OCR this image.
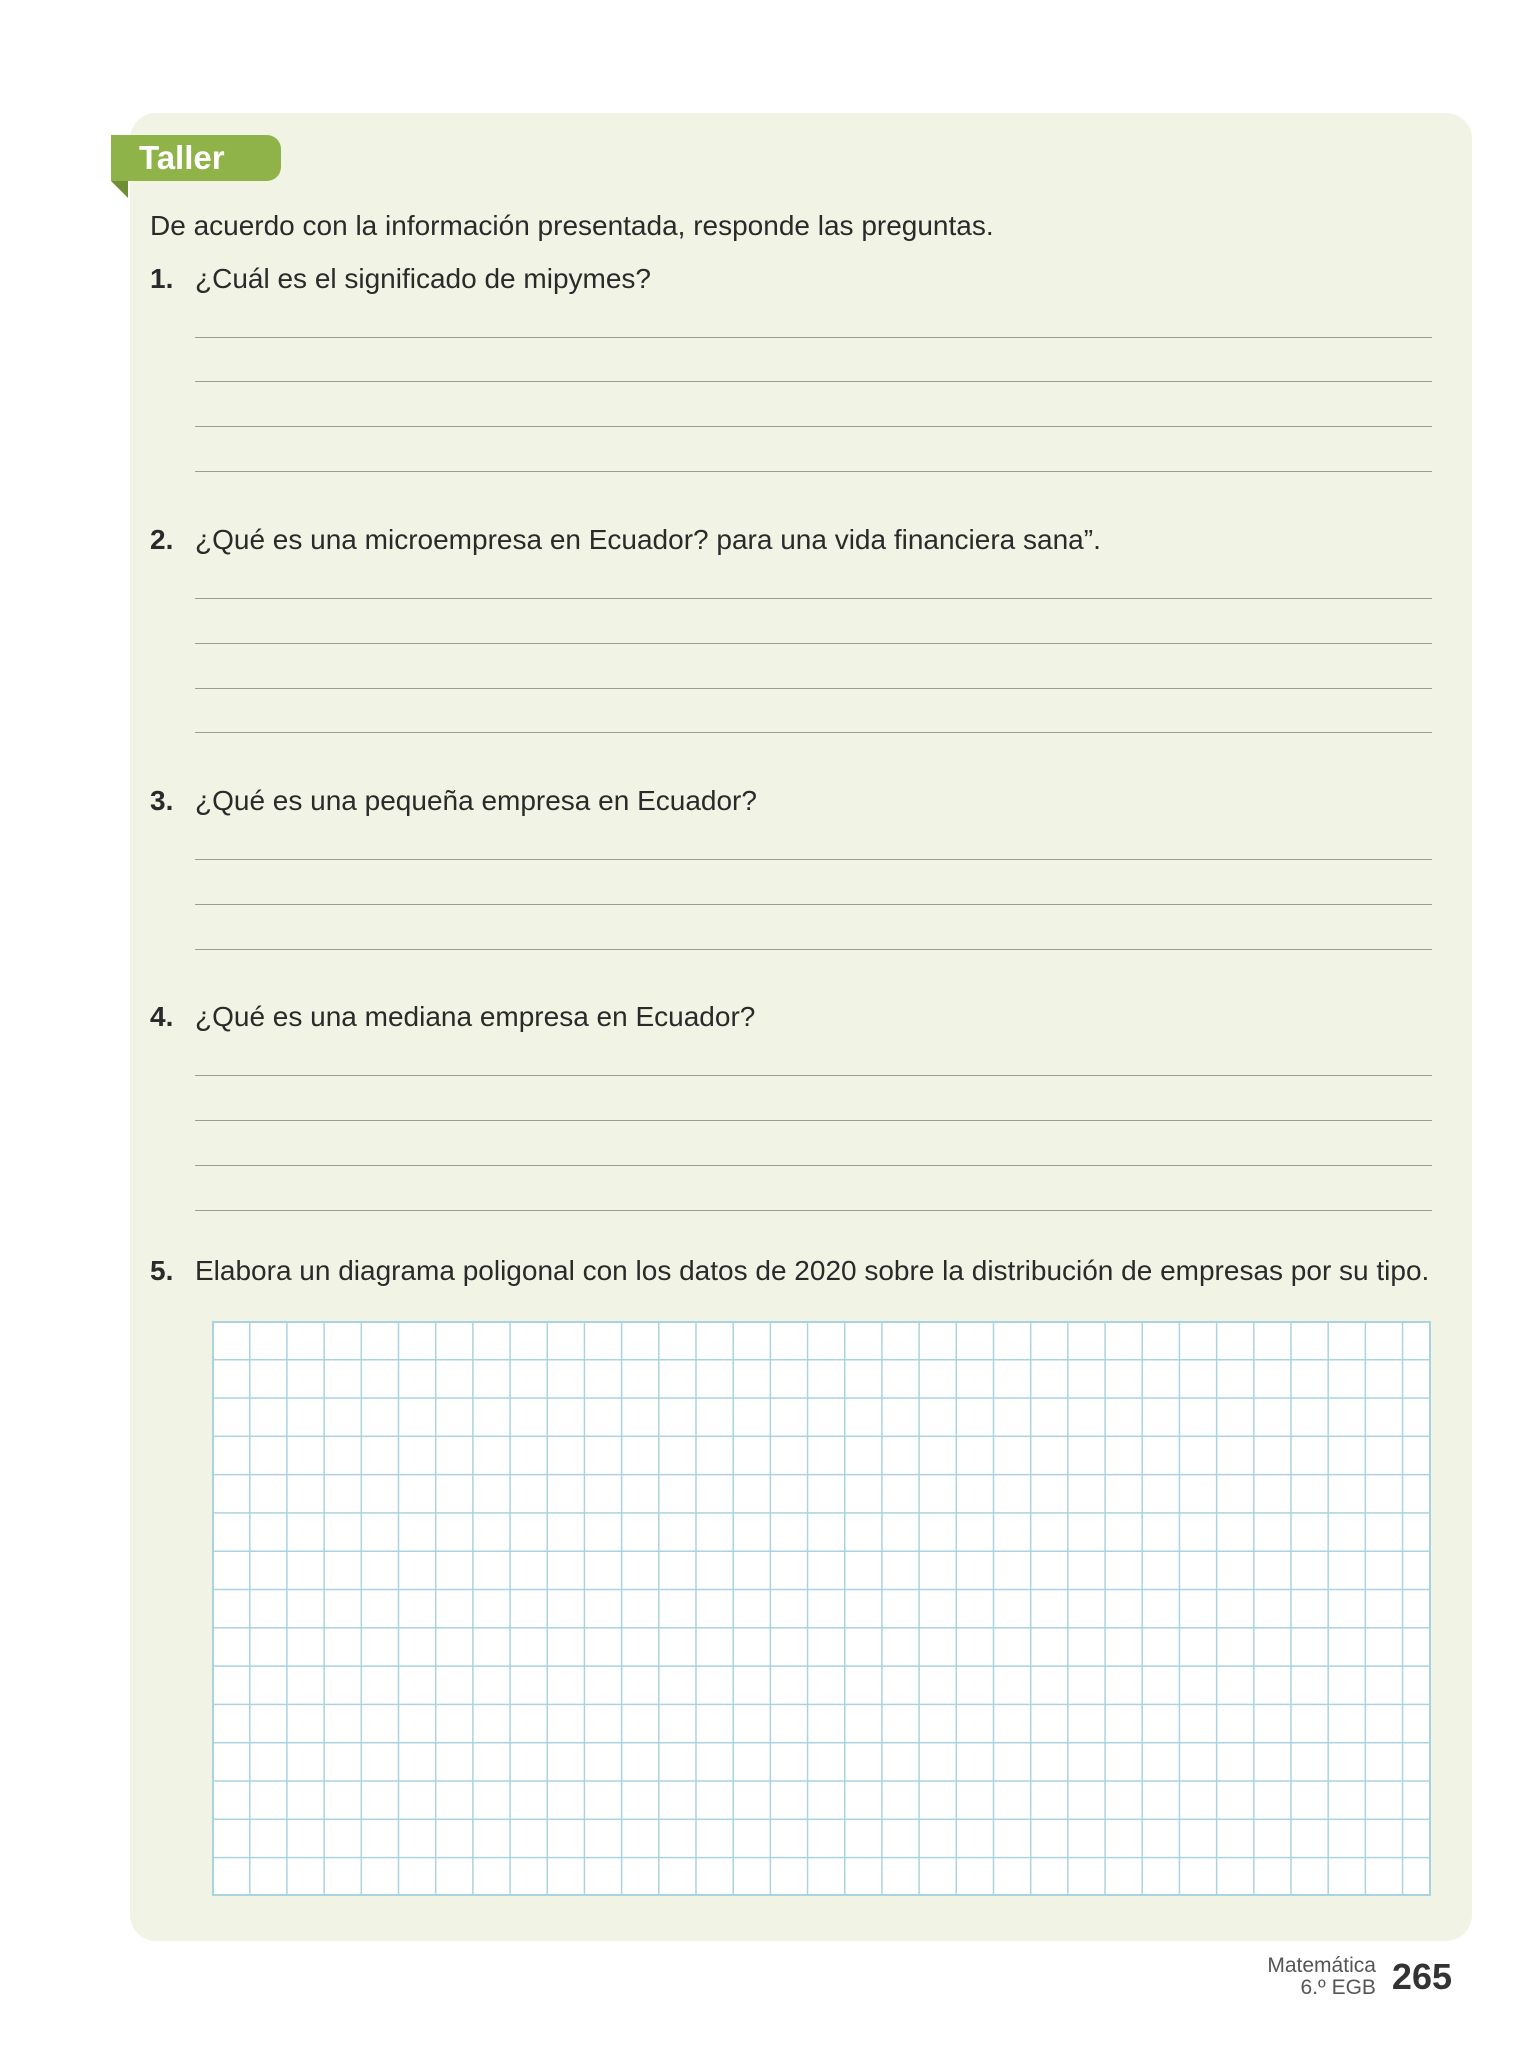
Taller
De acuerdo con la información presentada, responde las preguntas.
1. ¿Cuál es el significado de mipymes?
2. ¿Qué es una microempresa en Ecuador? para una vida financiera sana”.
3. ¿Qué es una pequeña empresa en Ecuador?
4. ¿Qué es una mediana empresa en Ecuador?
5. Elabora un diagrama poligonal con los datos de 2020 sobre la distribución de empresas por su tipo.
Matemática
6.º EGB 265
